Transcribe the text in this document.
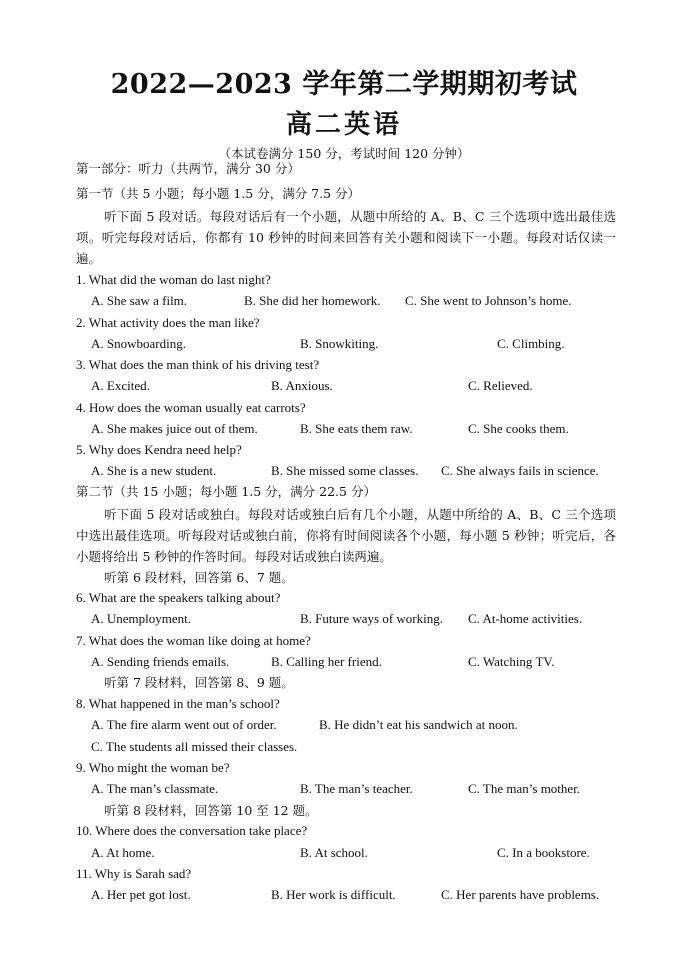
2022—2023 学年第二学期期初考试
高二英语
（本试卷满分 150 分，考试时间 120 分钟）
第一部分：听力（共两节，满分 30 分）
第一节（共 5 小题；每小题 1.5 分，满分 7.5 分）
听下面 5 段对话。每段对话后有一个小题，从题中所给的 A、B、C 三个选项中选出最佳选项。听完每段对话后，你都有 10 秒钟的时间来回答有关小题和阅读下一小题。每段对话仅读一遍。
1. What did the woman do last night?
A. She saw a film.	B. She did her homework. C. She went to Johnson’s home.
2. What activity does the man like?
A. Snowboarding.	B. Snowkiting.	C. Climbing.
3. What does the man think of his driving test?
A. Excited.	B. Anxious.	C. Relieved.
4. How does the woman usually eat carrots?
A. She makes juice out of them.	B. She eats them raw.	C. She cooks them.
5. Why does Kendra need help?
A. She is a new student.	B. She missed some classes. C. She always fails in science.
第二节（共 15 小题；每小题 1.5 分，满分 22.5 分）
听下面 5 段对话或独白。每段对话或独白后有几个小题，从题中所给的 A、B、C 三个选项中选出最佳选项。听每段对话或独白前，你将有时间阅读各个小题，每小题 5 秒钟；听完后，各小题将给出 5 秒钟的作答时间。每段对话或独白读两遍。
听第 6 段材料，回答第 6、7 题。
6. What are the speakers talking about?
A. Unemployment.	B. Future ways of working. C. At-home activities.
7. What does the woman like doing at home?
A. Sending friends emails.	B. Calling her friend.	C. Watching TV.
听第 7 段材料，回答第 8、9 题。
8. What happened in the man’s school?
A. The fire alarm went out of order.	B. He didn’t eat his sandwich at noon.
C. The students all missed their classes.
9. Who might the woman be?
A. The man’s classmate.	B. The man’s teacher.	C. The man’s mother.
听第 8 段材料，回答第 10 至 12 题。
10. Where does the conversation take place?
A. At home.	B. At school.	C. In a bookstore.
11. Why is Sarah sad?
A. Her pet got lost.	B. Her work is difficult.	C. Her parents have problems.
